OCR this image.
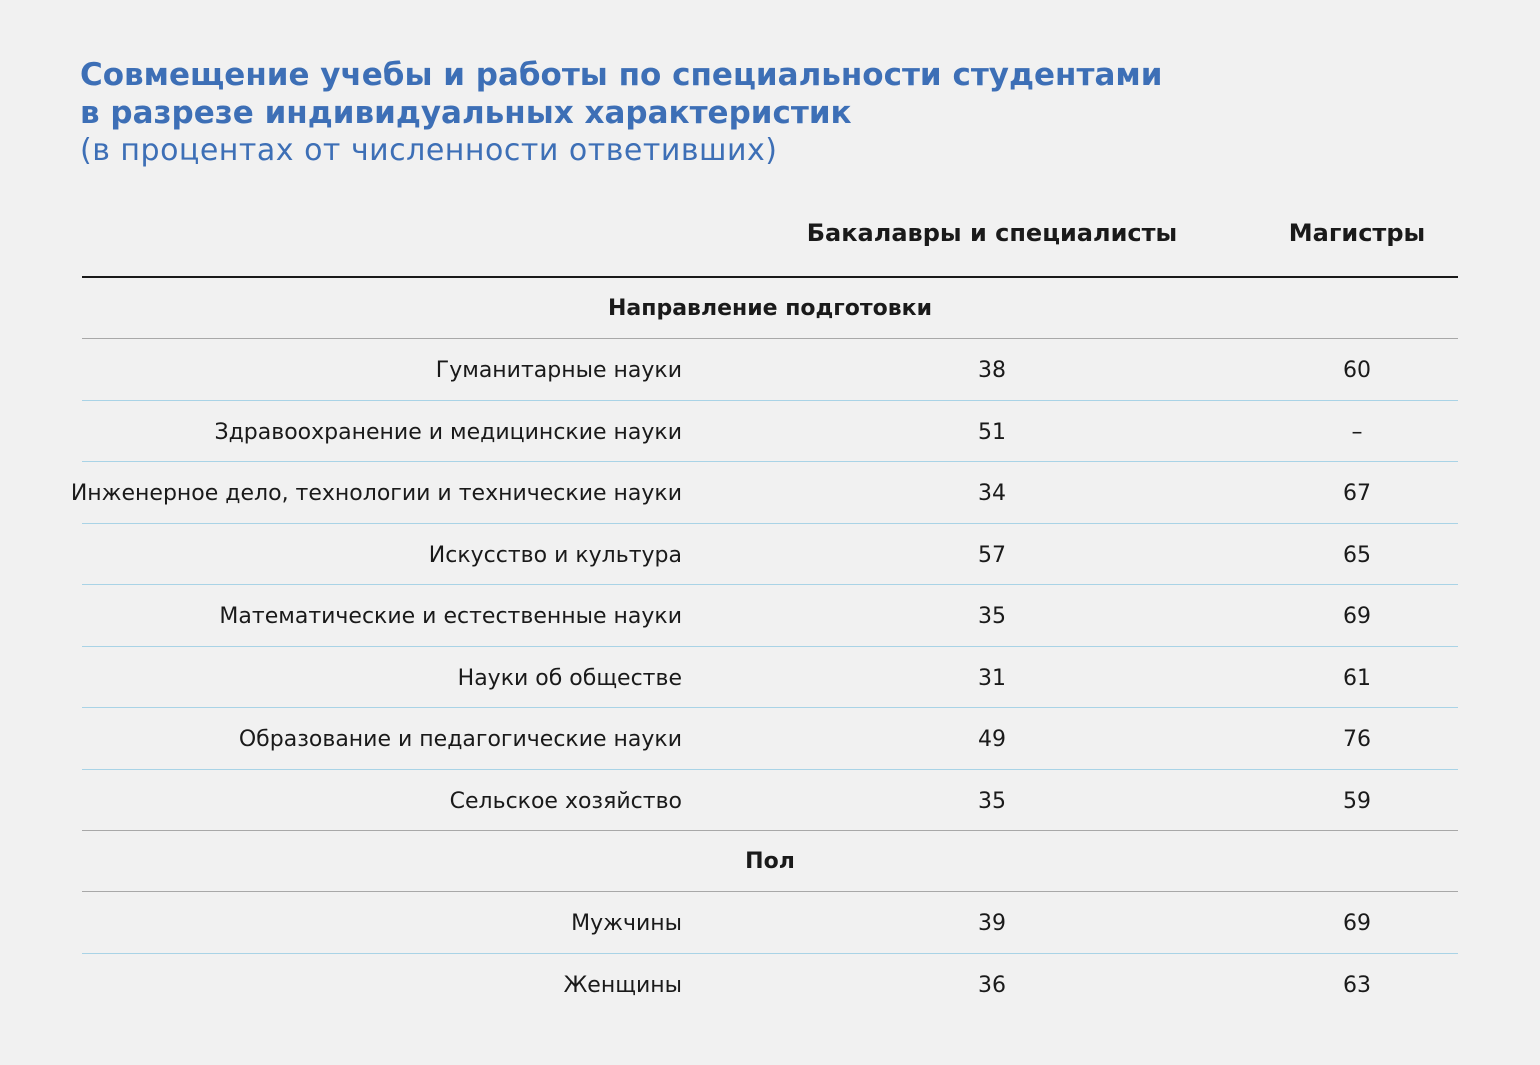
Совмещение учебы и работы по специальности студентами
в разрезе индивидуальных характеристик
(в процентах от численности ответивших)
Бакалавры и специалисты	Магистры
Направление подготовки
Гуманитарные науки	38	60
Здравоохранение и медицинские науки	51	–
Инженерное дело, технологии и технические науки	34	67
Искусство и культура	57	65
Математические и естественные науки	35	69
Науки об обществе	31	61
Образование и педагогические науки	49	76
Сельское хозяйство	35	59
Пол
Мужчины	39	69
Женщины	36	63
